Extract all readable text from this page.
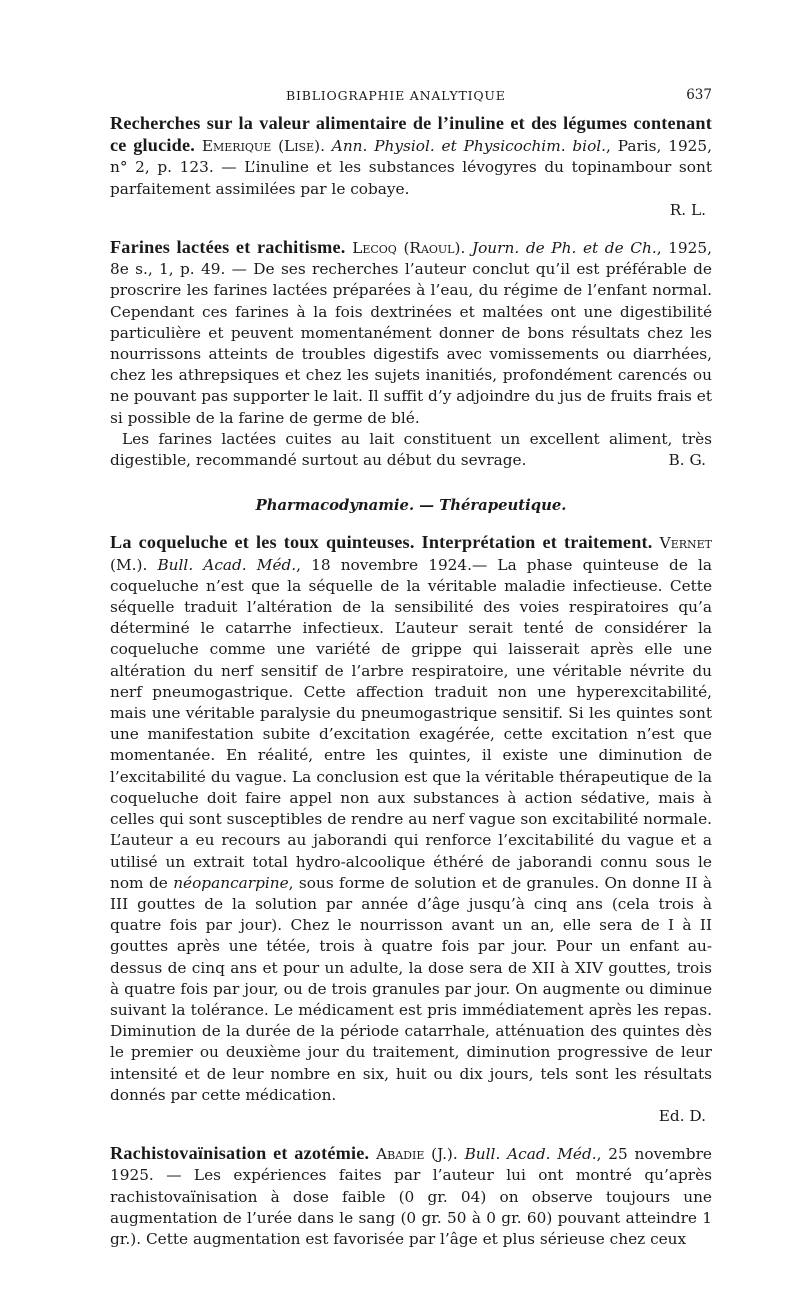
BIBLIOGRAPHIE ANALYTIQUE	637
Recherches sur la valeur alimentaire de l’inuline et des légumes contenant ce glucide. Emerique (Lise). Ann. Physiol. et Physicochim. biol., Paris, 1925, n° 2, p. 123. — L’inuline et les substances lévogyres du topinambour sont parfaitement assimilées par le cobaye.
R. L.
Farines lactées et rachitisme. Lecoq (Raoul). Journ. de Ph. et de Ch., 1925, 8e s., 1, p. 49. — De ses recherches l’auteur conclut qu’il est préférable de proscrire les farines lactées préparées à l’eau, du régime de l’enfant normal. Cependant ces farines à la fois dextrinées et maltées ont une digestibilité particulière et peuvent momentanément donner de bons résultats chez les nourrissons atteints de troubles digestifs avec vomissements ou diarrhées, chez les athrepsiques et chez les sujets inanitiés, profondément carencés ou ne pouvant pas supporter le lait. Il suffit d’y adjoindre du jus de fruits frais et si possible de la farine de germe de blé.

Les farines lactées cuites au lait constituent un excellent aliment, très digestible, recommandé surtout au début du sevrage.	B. G.

Pharmacodynamie. — Thérapeutique.

La coqueluche et les toux quinteuses. Interprétation et traitement. Vernet (M.). Bull. Acad. Méd., 18 novembre 1924.— La phase quinteuse de la coqueluche n’est que la séquelle de la véritable maladie infectieuse. Cette séquelle traduit l’altération de la sensibilité des voies respiratoires qu’a déterminé le catarrhe infectieux. L’auteur serait tenté de considérer la coqueluche comme une variété de grippe qui laisserait après elle une altération du nerf sensitif de l’arbre respiratoire, une véritable névrite du nerf pneumogastrique. Cette affection traduit non une hyperexcitabilité, mais une véritable paralysie du pneumogastrique sensitif. Si les quintes sont une manifestation subite d’excitation exagérée, cette excitation n’est que momentanée. En réalité, entre les quintes, il existe une diminution de l’excitabilité du vague. La conclusion est que la véritable thérapeutique de la coqueluche doit faire appel non aux substances à action sédative, mais à celles qui sont susceptibles de rendre au nerf vague son excitabilité normale. L’auteur a eu recours au jaborandi qui renforce l’excitabilité du vague et a utilisé un extrait total hydro-alcoolique éthéré de jaborandi connu sous le nom de néopancarpine, sous forme de solution et de granules. On donne II à III gouttes de la solution par année d’âge jusqu’à cinq ans (cela trois à quatre fois par jour). Chez le nourrisson avant un an, elle sera de I à II gouttes après une tétée, trois à quatre fois par jour. Pour un enfant au-dessus de cinq ans et pour un adulte, la dose sera de XII à XIV gouttes, trois à quatre fois par jour, ou de trois granules par jour. On augmente ou diminue suivant la tolérance. Le médicament est pris immédiatement après les repas. Diminution de la durée de la période catarrhale, atténuation des quintes dès le premier ou deuxième jour du traitement, diminution progressive de leur intensité et de leur nombre en six, huit ou dix jours, tels sont les résultats donnés par cette médication.
Ed. D.
Rachistovaïnisation et azotémie. Abadie (J.). Bull. Acad. Méd., 25 novembre 1925. — Les expériences faites par l’auteur lui ont montré qu’après rachistovaïnisation à dose faible (0 gr. 04) on observe toujours une augmentation de l’urée dans le sang (0 gr. 50 à 0 gr. 60) pouvant atteindre 1 gr.). Cette augmentation est favorisée par l’âge et plus sérieuse chez ceux
